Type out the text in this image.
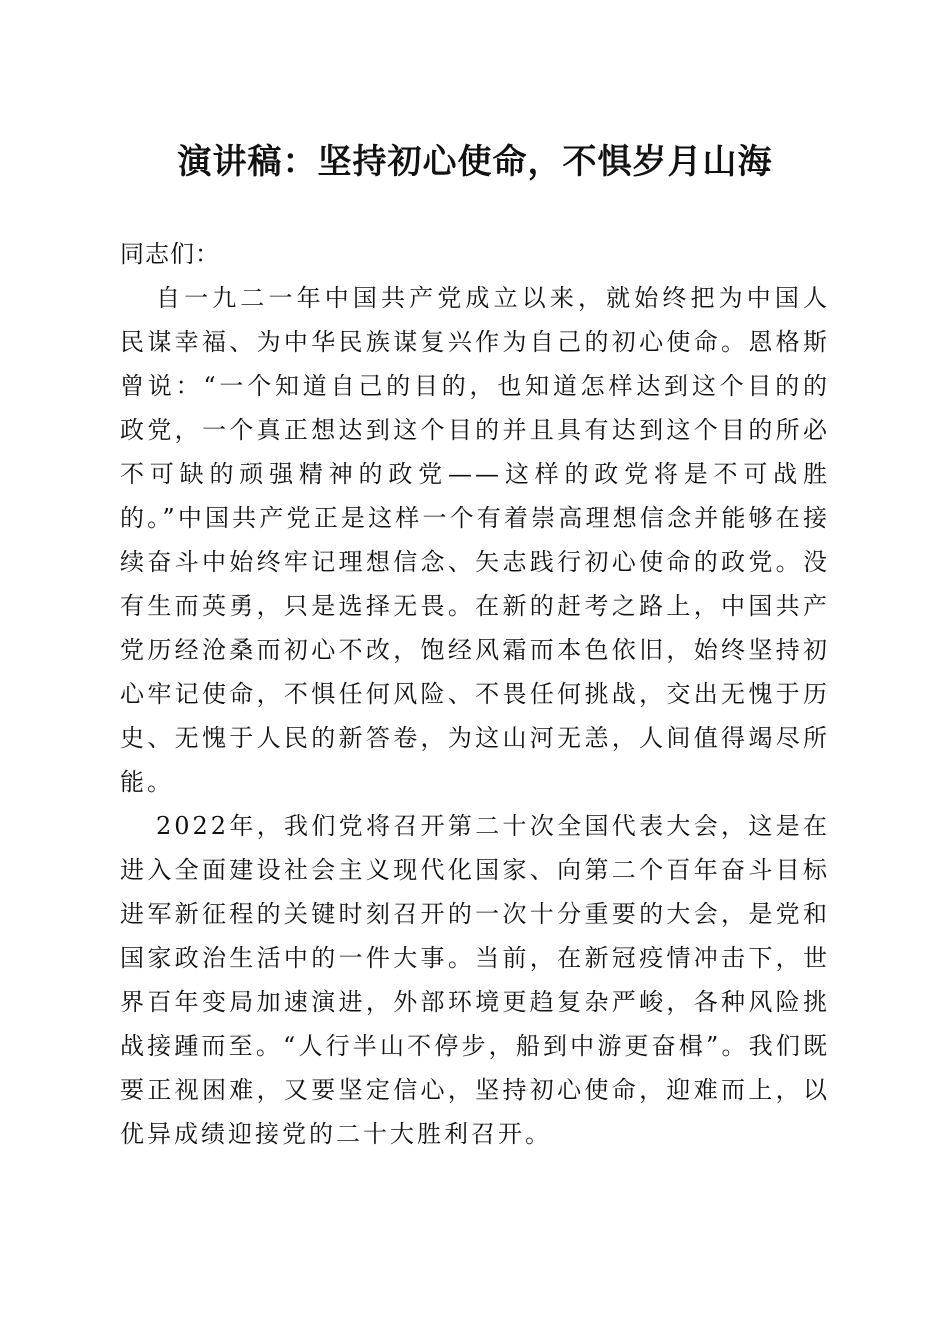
演讲稿：坚持初心使命，不惧岁月山海

同志们：

自一九二一年中国共产党成立以来，就始终把为中国人民谋幸福、为中华民族谋复兴作为自己的初心使命。恩格斯曾说：“一个知道自己的目的，也知道怎样达到这个目的的政党，一个真正想达到这个目的并且具有达到这个目的所必不可缺的顽强精神的政党——这样的政党将是不可战胜的。”中国共产党正是这样一个有着崇高理想信念并能够在接续奋斗中始终牢记理想信念、矢志践行初心使命的政党。没有生而英勇，只是选择无畏。在新的赶考之路上，中国共产党历经沧桑而初心不改，饱经风霜而本色依旧，始终坚持初心牢记使命，不惧任何风险、不畏任何挑战，交出无愧于历史、无愧于人民的新答卷，为这山河无恙，人间值得竭尽所能。

2022年，我们党将召开第二十次全国代表大会，这是在进入全面建设社会主义现代化国家、向第二个百年奋斗目标进军新征程的关键时刻召开的一次十分重要的大会，是党和国家政治生活中的一件大事。当前，在新冠疫情冲击下，世界百年变局加速演进，外部环境更趋复杂严峻，各种风险挑战接踵而至。“人行半山不停步，船到中游更奋楫”。我们既要正视困难，又要坚定信心，坚持初心使命，迎难而上，以优异成绩迎接党的二十大胜利召开。
